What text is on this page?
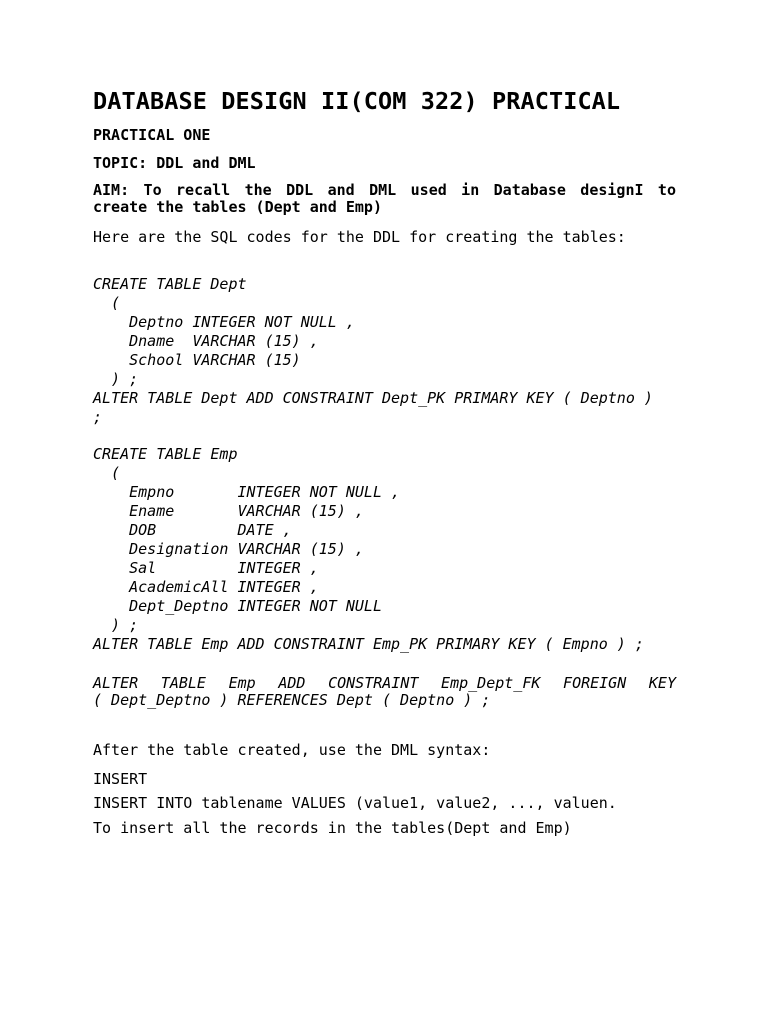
DATABASE DESIGN II(COM 322) PRACTICAL
PRACTICAL ONE
TOPIC: DDL and DML
AIM: To recall the DDL and DML used in Database designI to
create the tables (Dept and Emp)
Here are the SQL codes for the DDL for creating the tables:
CREATE TABLE Dept
(
Deptno INTEGER NOT NULL ,
Dname  VARCHAR (15) ,
School VARCHAR (15)
) ;
ALTER TABLE Dept ADD CONSTRAINT Dept_PK PRIMARY KEY ( Deptno )
;
CREATE TABLE Emp
(
Empno       INTEGER NOT NULL ,
Ename       VARCHAR (15) ,
DOB         DATE ,
Designation VARCHAR (15) ,
Sal         INTEGER ,
AcademicAll INTEGER ,
Dept_Deptno INTEGER NOT NULL
) ;
ALTER TABLE Emp ADD CONSTRAINT Emp_PK PRIMARY KEY ( Empno ) ;
ALTER TABLE Emp ADD CONSTRAINT Emp_Dept_FK FOREIGN KEY
( Dept_Deptno ) REFERENCES Dept ( Deptno ) ;
After the table created, use the DML syntax:
INSERT
INSERT INTO tablename VALUES (value1, value2, ..., valuen.
To insert all the records in the tables(Dept and Emp)
